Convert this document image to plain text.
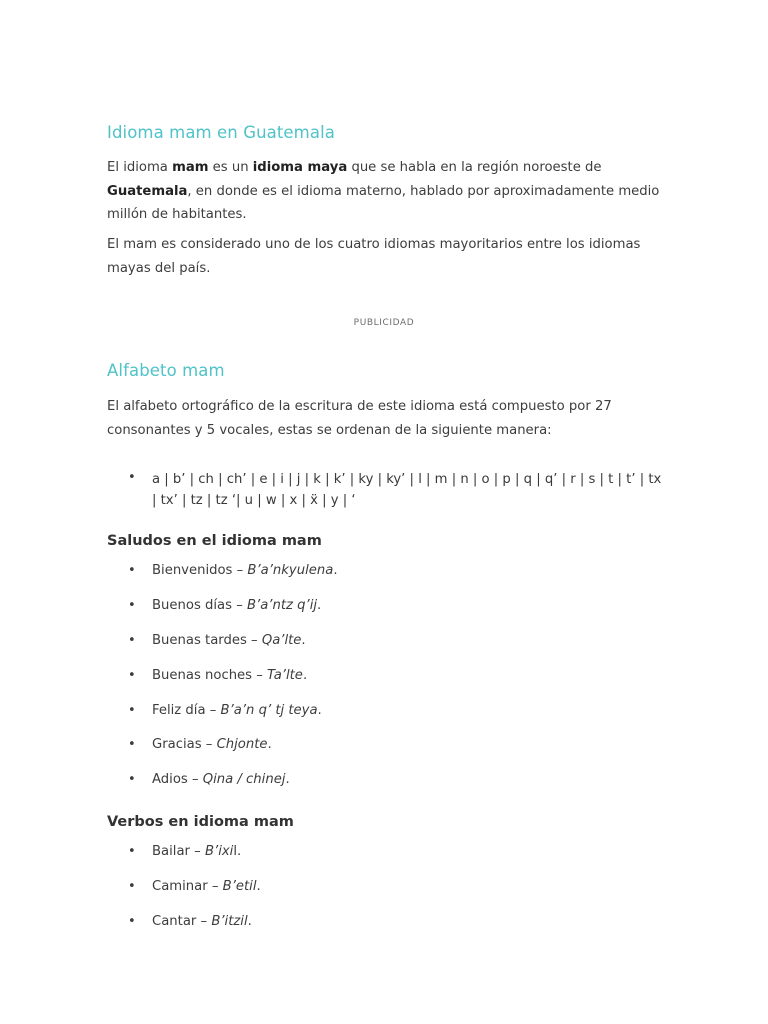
Idioma mam en Guatemala

El idioma mam es un idioma maya que se habla en la región noroeste de Guatemala, en donde es el idioma materno, hablado por aproximadamente medio millón de habitantes.

El mam es considerado uno de los cuatro idiomas mayoritarios entre los idiomas mayas del país.

PUBLICIDAD
Alfabeto mam

El alfabeto ortográfico de la escritura de este idioma está compuesto por 27 consonantes y 5 vocales, estas se ordenan de la siguiente manera:

•	a | b’ | ch | ch’ | e | i | j | k | k’ | ky | ky’ | l | m | n | o | p | q | q’ | r | s | t | t’ | tx | tx’ | tz | tz ‘| u | w | x | ẍ | y | ‘
Saludos en el idioma mam
•	Bienvenidos – B’a’nkyulena.
•	Buenos días – B’a’ntz q’ij.
•	Buenas tardes – Qa’lte.
•	Buenas noches – Ta’lte.
•	Feliz día – B’a’n q’ tj teya.
•	Gracias – Chjonte.
•	Adios – Qina / chinej.
Verbos en idioma mam
•	Bailar – B’ixil.
•	Caminar – B’etil.
•	Cantar – B’itzil.
